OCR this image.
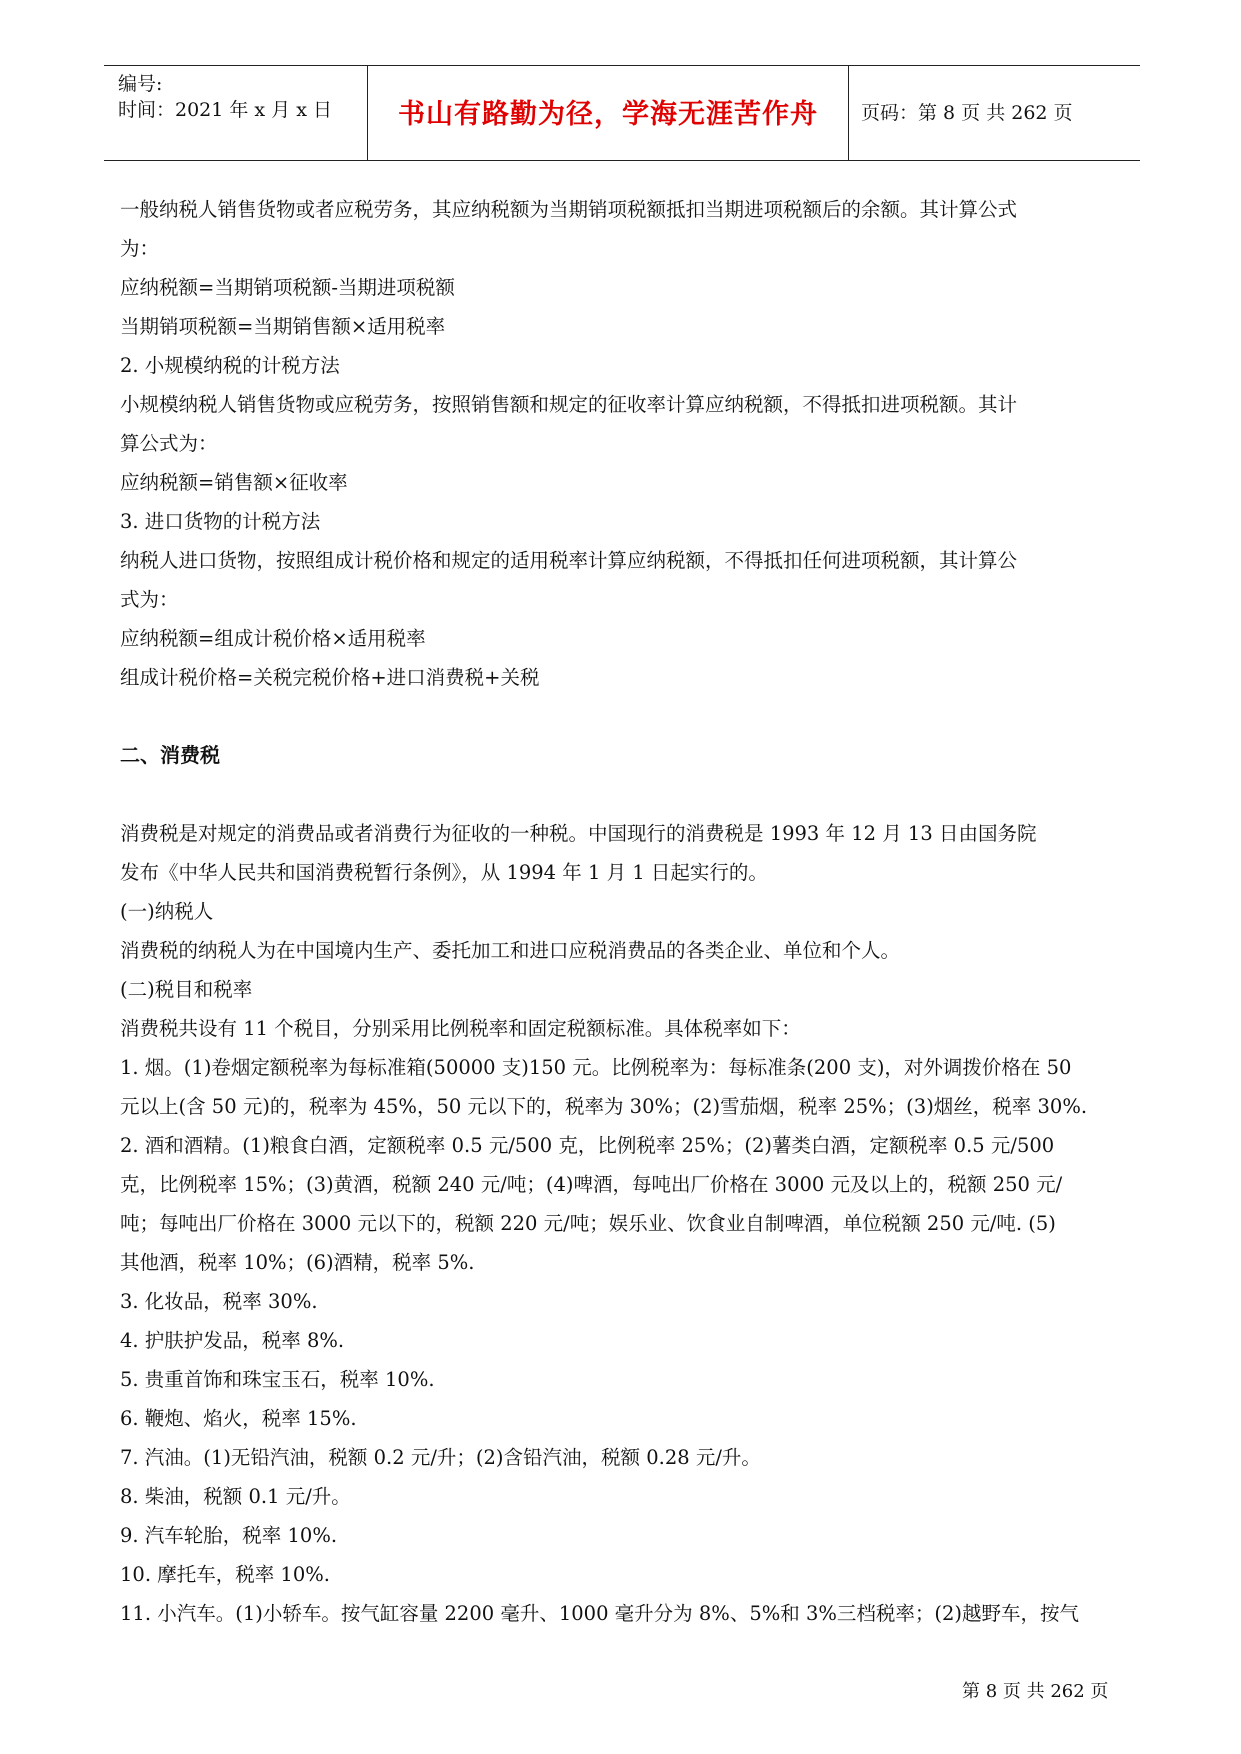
编号:
时间：2021 年 x 月 x 日	书山有路勤为径，学海无涯苦作舟	页码：第 8 页 共 262 页

一般纳税人销售货物或者应税劳务，其应纳税额为当期销项税额抵扣当期进项税额后的余额。其计算公式

为：

应纳税额=当期销项税额-当期进项税额

当期销项税额=当期销售额×适用税率

2. 小规模纳税的计税方法

小规模纳税人销售货物或应税劳务，按照销售额和规定的征收率计算应纳税额，不得抵扣进项税额。其计

算公式为：

应纳税额=销售额×征收率

3. 进口货物的计税方法

纳税人进口货物，按照组成计税价格和规定的适用税率计算应纳税额，不得抵扣任何进项税额，其计算公

式为：

应纳税额=组成计税价格×适用税率

组成计税价格=关税完税价格+进口消费税+关税

二、消费税

消费税是对规定的消费品或者消费行为征收的一种税。中国现行的消费税是 1993 年 12 月 13 日由国务院

发布《中华人民共和国消费税暂行条例》，从 1994 年 1 月 1 日起实行的。

(一)纳税人

消费税的纳税人为在中国境内生产、委托加工和进口应税消费品的各类企业、单位和个人。

(二)税目和税率

消费税共设有 11 个税目，分别采用比例税率和固定税额标准。具体税率如下：

1. 烟。(1)卷烟定额税率为每标准箱(50000 支)150 元。比例税率为：每标准条(200 支)，对外调拨价格在 50

元以上(含 50 元)的，税率为 45%，50 元以下的，税率为 30%；(2)雪茄烟，税率 25%；(3)烟丝，税率 30%.

2. 酒和酒精。(1)粮食白酒，定额税率 0.5 元/500 克，比例税率 25%；(2)薯类白酒，定额税率 0.5 元/500

克，比例税率 15%；(3)黄酒，税额 240 元/吨；(4)啤酒，每吨出厂价格在 3000 元及以上的，税额 250 元/

吨；每吨出厂价格在 3000 元以下的，税额 220 元/吨；娱乐业、饮食业自制啤酒，单位税额 250 元/吨. (5)

其他酒，税率 10%；(6)酒精，税率 5%.

3. 化妆品，税率 30%.

4. 护肤护发品，税率 8%.

5. 贵重首饰和珠宝玉石，税率 10%.

6. 鞭炮、焰火，税率 15%.

7. 汽油。(1)无铅汽油，税额 0.2 元/升；(2)含铅汽油，税额 0.28 元/升。

8. 柴油，税额 0.1 元/升。

9. 汽车轮胎，税率 10%.

10. 摩托车，税率 10%.

11. 小汽车。(1)小轿车。按气缸容量 2200 毫升、1000 毫升分为 8%、5%和 3%三档税率；(2)越野车，按气

第 8 页 共 262 页
